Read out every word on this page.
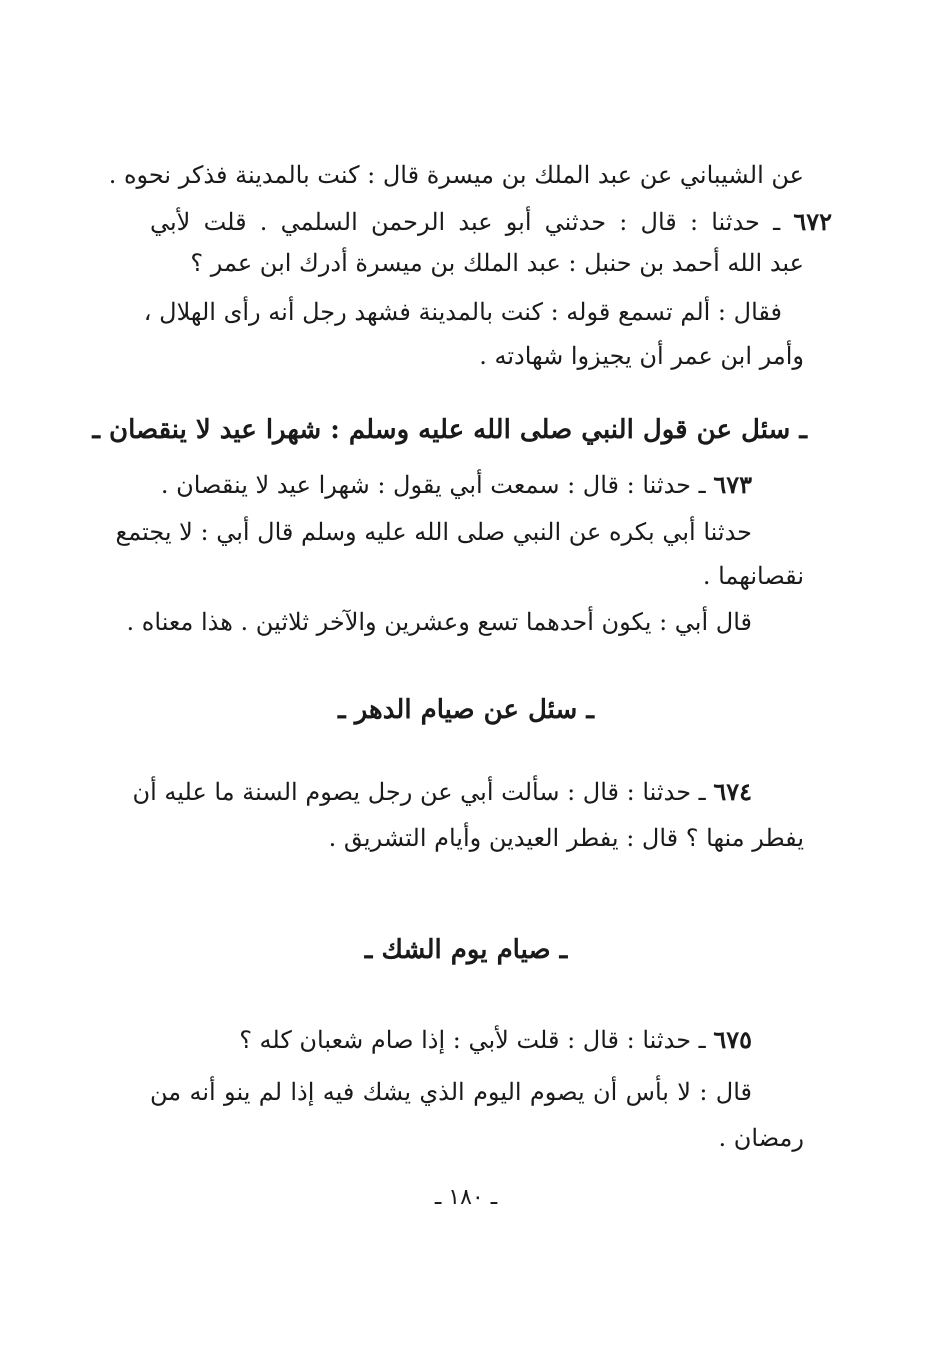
عن الشيباني عن عبد الملك بن ميسرة قال : كنت بالمدينة فذكر نحوه .
٦٧٢ ـ حدثنا : قال : حدثني أبو عبد الرحمن السلمي . قلت لأبي
عبد الله أحمد بن حنبل : عبد الملك بن ميسرة أدرك ابن عمر ؟
فقال : ألم تسمع قوله : كنت بالمدينة فشهد رجل أنه رأى الهلال ،
وأمر ابن عمر أن يجيزوا شهادته .
ـ سئل عن قول النبي صلى الله عليه وسلم : شهرا عيد لا ينقصان ـ
٦٧٣ ـ حدثنا : قال : سمعت أبي يقول : شهرا عيد لا ينقصان .
حدثنا أبي بكره عن النبي صلى الله عليه وسلم قال أبي : لا يجتمع
نقصانهما .
قال أبي : يكون أحدهما تسع وعشرين والآخر ثلاثين . هذا معناه .
ـ سئل عن صيام الدهر ـ
٦٧٤ ـ حدثنا : قال : سألت أبي عن رجل يصوم السنة ما عليه أن
يفطر منها ؟ قال : يفطر العيدين وأيام التشريق .
ـ صيام يوم الشك ـ
٦٧٥ ـ حدثنا : قال : قلت لأبي : إذا صام شعبان كله ؟
قال : لا بأس أن يصوم اليوم الذي يشك فيه إذا لم ينو أنه من
رمضان .
ـ ١٨٠ ـ
